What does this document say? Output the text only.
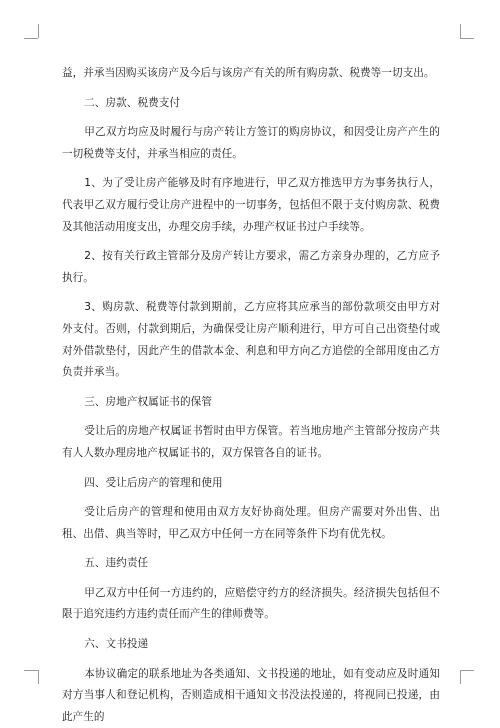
益，并承当因购买该房产及今后与该房产有关的所有购房款、税费等一切支出。

二、房款、税费支付

甲乙双方均应及时履行与房产转让方签订的购房协议，和因受让房产产生的一切税费等支付，并承当相应的责任。

1、为了受让房产能够及时有序地进行，甲乙双方推选甲方为事务执行人，代表甲乙双方履行受让房产进程中的一切事务，包括但不限于支付购房款、税费及其他活动用度支出，办理交房手续，办理产权证书过户手续等。

2、按有关行政主管部分及房产转让方要求，需乙方亲身办理的，乙方应予执行。

3、购房款、税费等付款到期前，乙方应将其应承当的部份款项交由甲方对外支付。否则，付款到期后，为确保受让房产顺利进行，甲方可自己出资垫付或对外借款垫付，因此产生的借款本金、利息和甲方向乙方追偿的全部用度由乙方负责并承当。

三、房地产权属证书的保管

受让后的房地产权属证书暂时由甲方保管。若当地房地产主管部分按房产共有人人数办理房地产权属证书的，双方保管各自的证书。

四、受让后房产的管理和使用

受让后房产的管理和使用由双方友好协商处理。但房产需要对外出售、出租、出借、典当等时，甲乙双方中任何一方在同等条件下均有优先权。

五、违约责任

甲乙双方中任何一方违约的，应赔偿守约方的经济损失。经济损失包括但不限于追究违约方违约责任而产生的律师费等。

六、文书投递

本协议确定的联系地址为各类通知、文书投递的地址，如有变动应及时通知对方当事人和登记机构，否则造成相干通知文书没法投递的，将视同已投递，由此产生的
